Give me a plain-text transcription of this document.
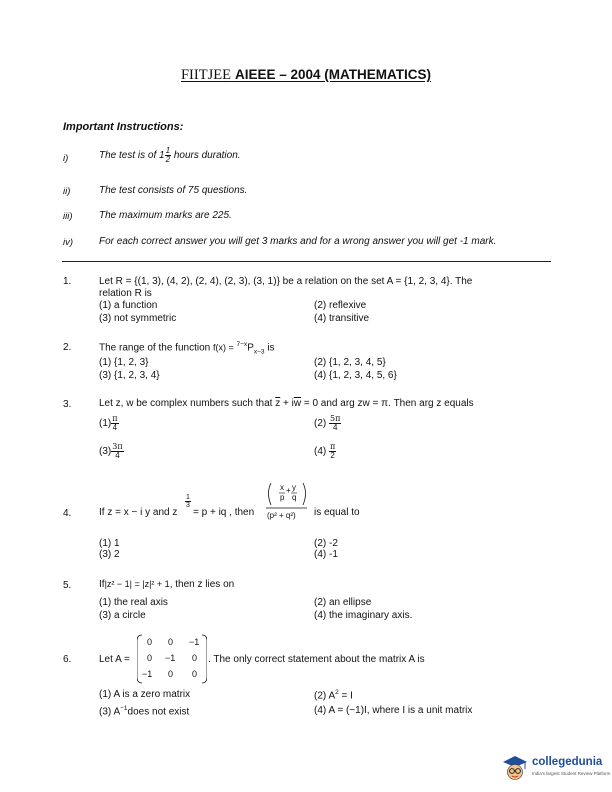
FIITJEE AIEEE – 2004 (MATHEMATICS)
Important Instructions:
i)	The test is of $1 \frac{1}{2}$ hours duration.
ii)	The test consists of 75 questions.
iii)	The maximum marks are 225.
iv)	For each correct answer you will get 3 marks and for a wrong answer you will get -1 mark.
1.	Let R = {(1, 3), (4, 2), (2, 4), (2, 3), (3, 1)} be a relation on the set A = {1, 2, 3, 4}. The
relation R is
(1) a function	(2) reflexive
(3) not symmetric	(4) transitive
2.	The range of the function $f(x) = ^{7-x}P_{x-3}$ is
(1) {1, 2, 3}	(2) {1, 2, 3, 4, 5}
(3) {1, 2, 3, 4}	(4) {1, 2, 3, 4, 5, 6}
3.	Let z, w be complex numbers such that $\overline{z} + i\overline{w} = 0$ and arg zw = π. Then arg z equals
$(1) \frac{\pi}{4}$	$(2) \frac{5\pi}{4}$
$(3) \frac{3\pi}{4}$	$(4) \frac{\pi}{2}$
4.	If z = x − i y and z
$\frac{1}{3}$
= p + iq , then
x
p
+ y
q
(p² + q²) is equal to
(1) 1	(2) -2
(3) 2	(4) -1
5.	If|z² − 1| = |z|² + 1, then z lies on
(1) the real axis	(2) an ellipse
(3) a circle	(4) the imaginary axis.
6.	Let A =
0 0 −1
0 −1 0
−1 0 0
. The only correct statement about the matrix A is
(1) A is a zero matrix	(2) $A^2 = I$
(3) $A^{-1}does$ not exist	(4) A = (−1)I, where I is a unit matrix
collegedunia
India's largest Student Review Platform
